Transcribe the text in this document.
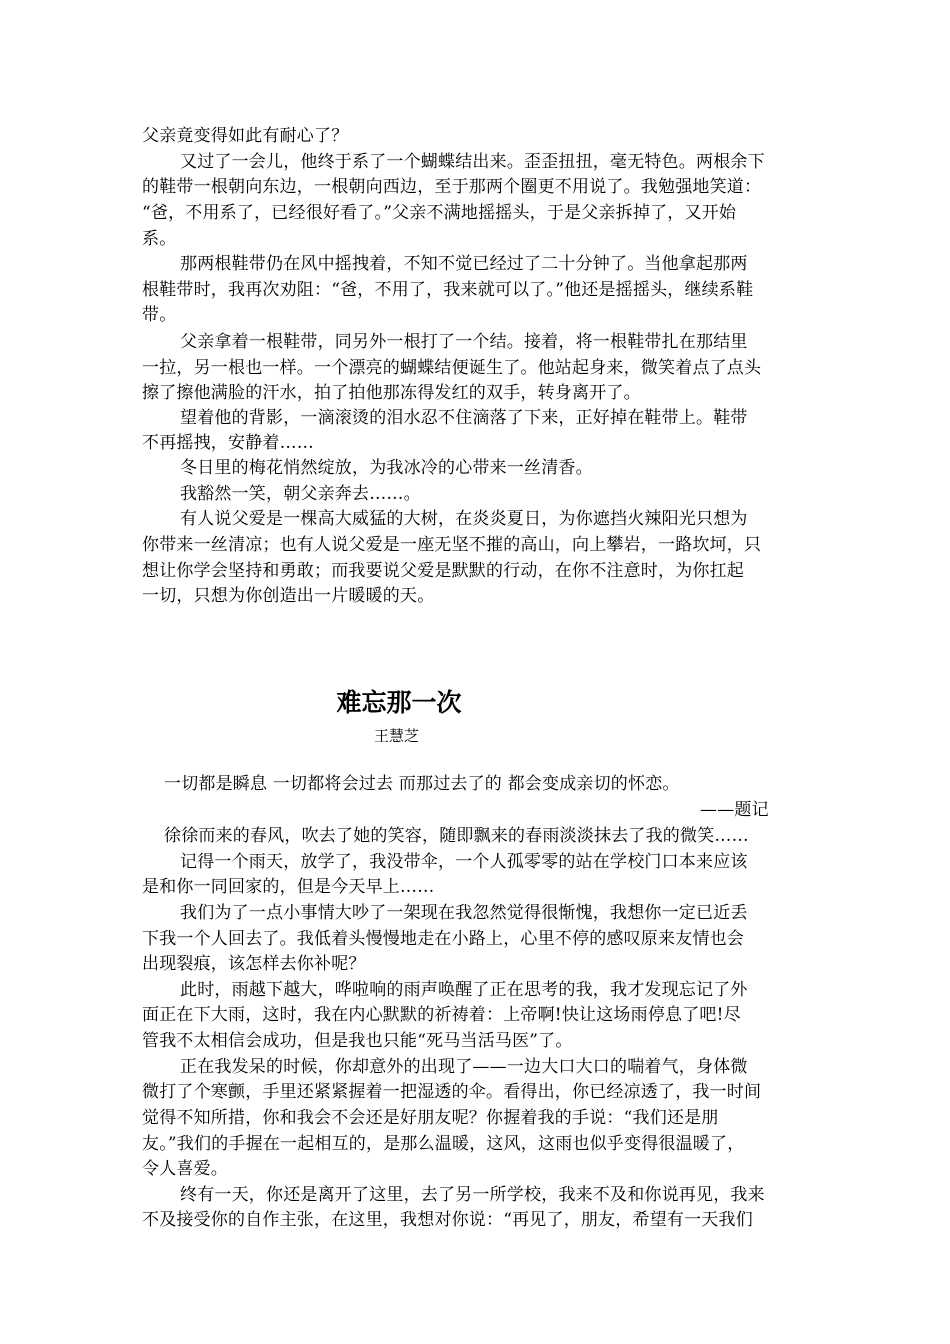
父亲竟变得如此有耐心了？
又过了一会儿，他终于系了一个蝴蝶结出来。歪歪扭扭，毫无特色。两根余下
的鞋带一根朝向东边，一根朝向西边，至于那两个圈更不用说了。我勉强地笑道：
“爸，不用系了，已经很好看了。”父亲不满地摇摇头，于是父亲拆掉了，又开始
系。
那两根鞋带仍在风中摇拽着，不知不觉已经过了二十分钟了。当他拿起那两
根鞋带时，我再次劝阻：“爸，不用了，我来就可以了。”他还是摇摇头，继续系鞋
带。
父亲拿着一根鞋带，同另外一根打了一个结。接着，将一根鞋带扎在那结里
一拉，另一根也一样。一个漂亮的蝴蝶结便诞生了。他站起身来，微笑着点了点头
擦了擦他满脸的汗水，拍了拍他那冻得发红的双手，转身离开了。
望着他的背影，一滴滚烫的泪水忍不住滴落了下来，正好掉在鞋带上。鞋带
不再摇拽，安静着……
冬日里的梅花悄然绽放，为我冰冷的心带来一丝清香。
我豁然一笑，朝父亲奔去……。
有人说父爱是一棵高大威猛的大树，在炎炎夏日，为你遮挡火辣阳光只想为
你带来一丝清凉；也有人说父爱是一座无坚不摧的高山，向上攀岩，一路坎坷，只
想让你学会坚持和勇敢；而我要说父爱是默默的行动，在你不注意时，为你扛起
一切，只想为你创造出一片暖暖的天。
难忘那一次
王慧芝
一切都是瞬息 一切都将会过去 而那过去了的 都会变成亲切的怀恋。
——题记
徐徐而来的春风，吹去了她的笑容，随即飘来的春雨淡淡抹去了我的微笑……
记得一个雨天，放学了，我没带伞，一个人孤零零的站在学校门口本来应该
是和你一同回家的，但是今天早上……
我们为了一点小事情大吵了一架现在我忽然觉得很惭愧，我想你一定已近丢
下我一个人回去了。我低着头慢慢地走在小路上，心里不停的感叹原来友情也会
出现裂痕，该怎样去你补呢？
此时，雨越下越大，哗啦响的雨声唤醒了正在思考的我，我才发现忘记了外
面正在下大雨，这时，我在内心默默的祈祷着：上帝啊!快让这场雨停息了吧!尽
管我不太相信会成功，但是我也只能“死马当活马医”了。
正在我发呆的时候，你却意外的出现了——一边大口大口的喘着气，身体微
微打了个寒颤，手里还紧紧握着一把湿透的伞。看得出，你已经凉透了，我一时间
觉得不知所措，你和我会不会还是好朋友呢？你握着我的手说：“我们还是朋
友。”我们的手握在一起相互的，是那么温暖，这风，这雨也似乎变得很温暖了，
令人喜爱。
终有一天，你还是离开了这里，去了另一所学校，我来不及和你说再见，我来
不及接受你的自作主张，在这里，我想对你说：“再见了，朋友，希望有一天我们
